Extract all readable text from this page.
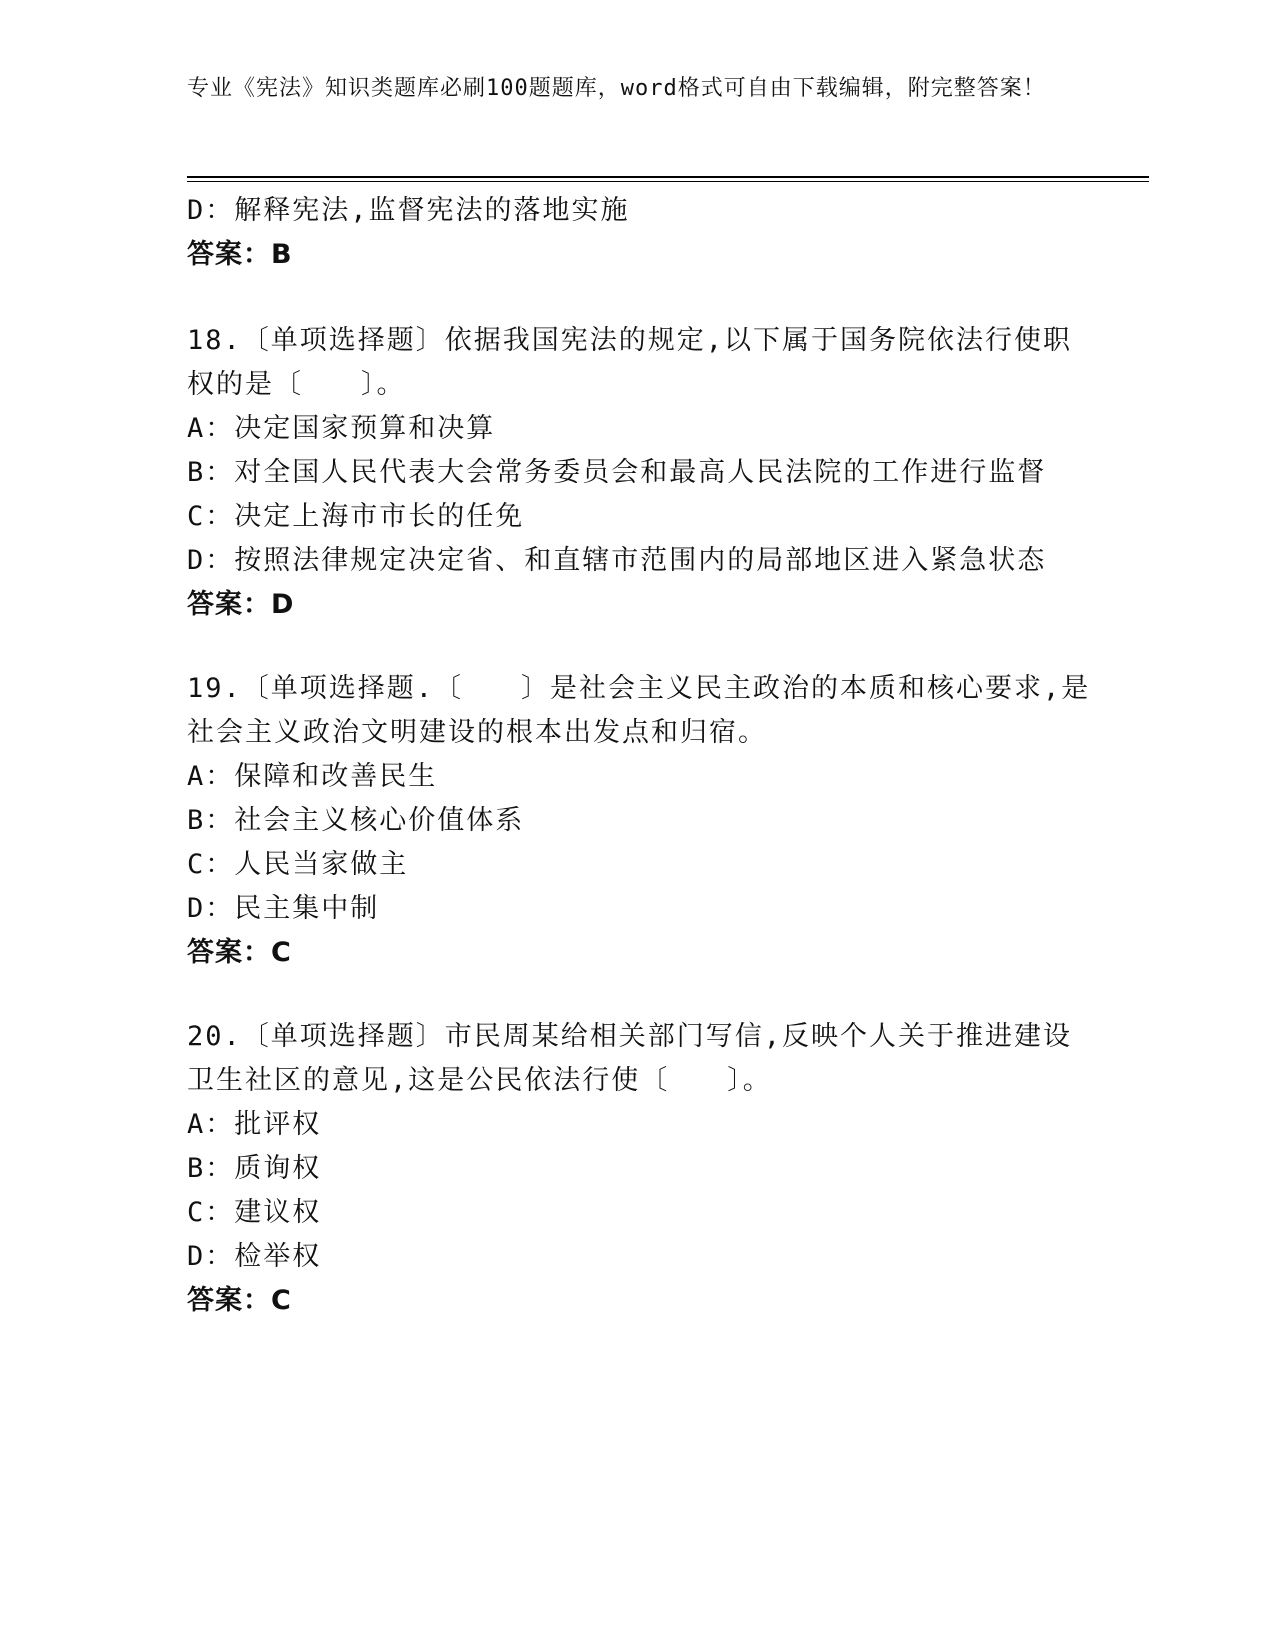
专业《宪法》知识类题库必刷100题题库，word格式可自由下载编辑，附完整答案！
D：解释宪法,监督宪法的落地实施
答案：B
18.〔单项选择题〕依据我国宪法的规定,以下属于国务院依法行使职
权的是〔　　〕。
A：决定国家预算和决算
B：对全国人民代表大会常务委员会和最高人民法院的工作进行监督
C：决定上海市市长的任免
D：按照法律规定决定省、和直辖市范围内的局部地区进入紧急状态
答案：D
19.〔单项选择题.〔　　〕是社会主义民主政治的本质和核心要求,是
社会主义政治文明建设的根本出发点和归宿。
A：保障和改善民生
B：社会主义核心价值体系
C：人民当家做主
D：民主集中制
答案：C
20.〔单项选择题〕市民周某给相关部门写信,反映个人关于推进建设
卫生社区的意见,这是公民依法行使〔　　〕。
A：批评权
B：质询权
C：建议权
D：检举权
答案：C
